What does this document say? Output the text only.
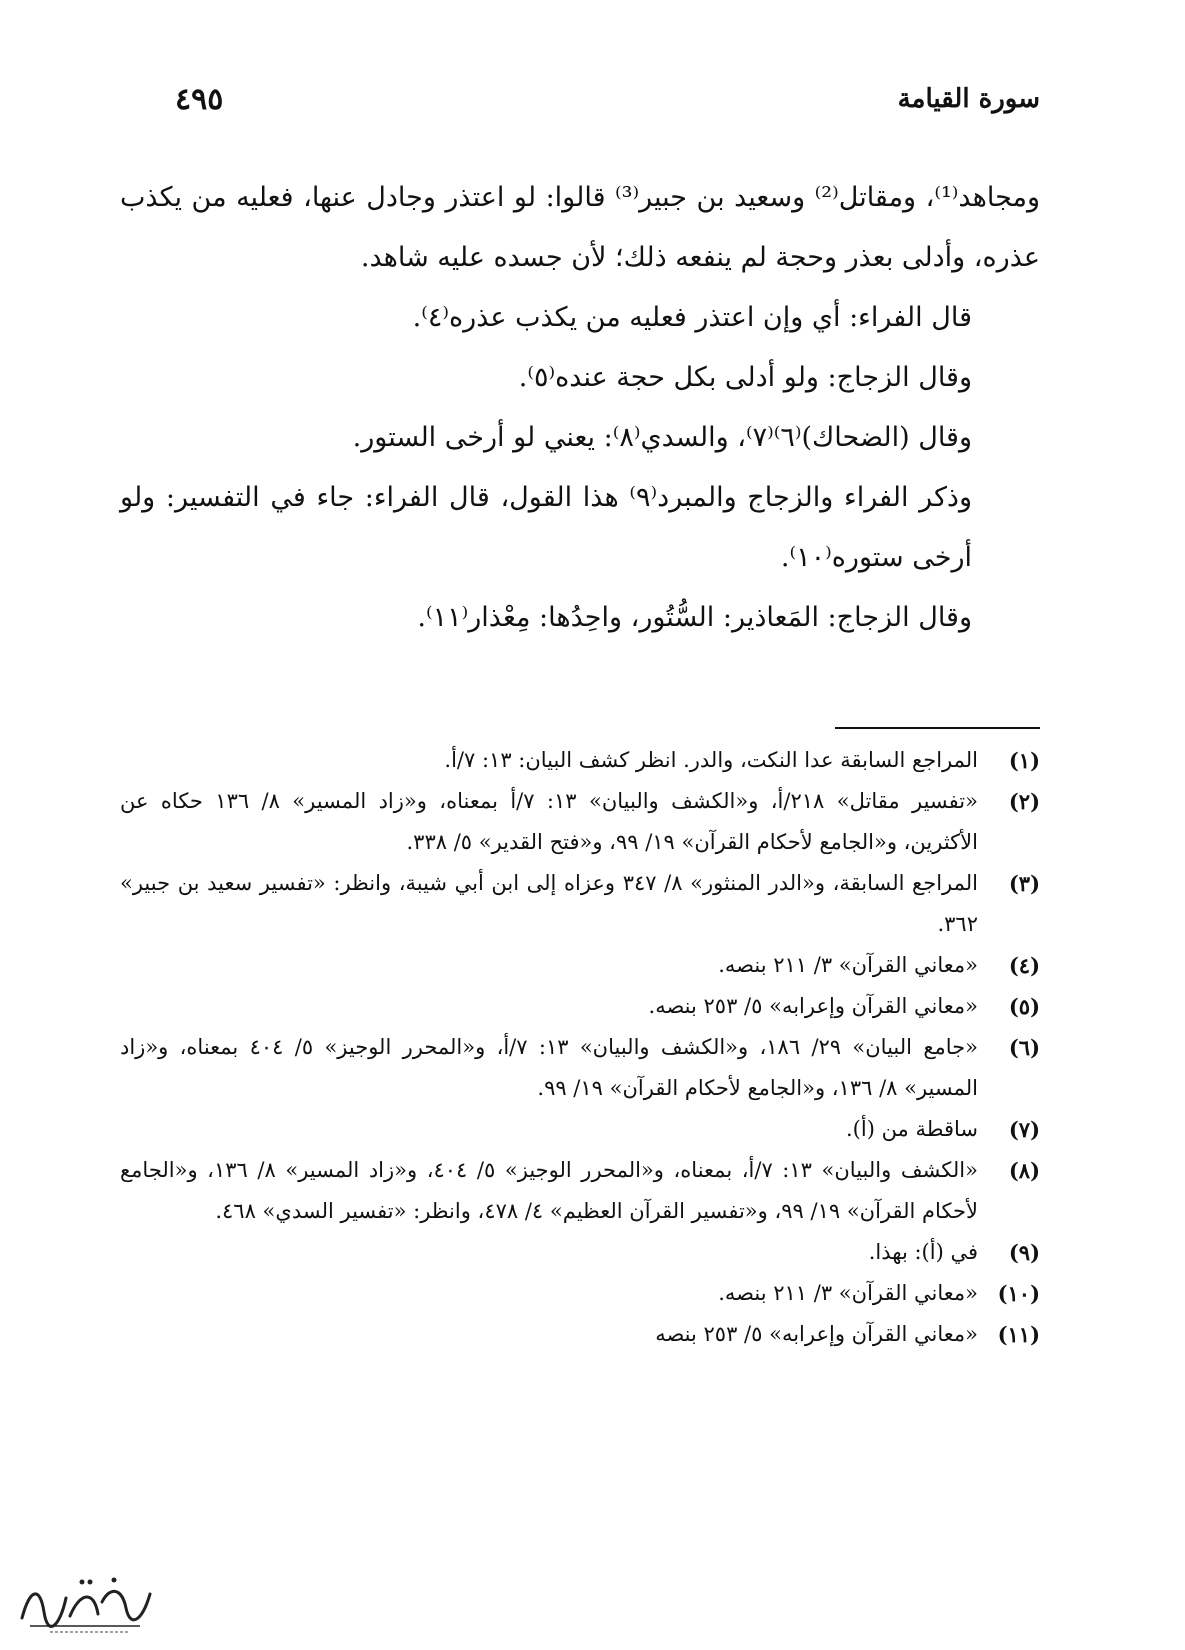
سورة القيامة
٤٩٥

ومجاهد⁽¹⁾، ومقاتل⁽²⁾ وسعيد بن جبير⁽³⁾ قالوا: لو اعتذر وجادل عنها، فعليه من يكذب عذره، وأدلى بعذر وحجة لم ينفعه ذلك؛ لأن جسده عليه شاهد.

قال الفراء: أي وإن اعتذر فعليه من يكذب عذره⁽٤⁾.

وقال الزجاج: ولو أدلى بكل حجة عنده⁽٥⁾.

وقال (الضحاك)⁽٦⁾⁽٧⁾، والسدي⁽٨⁾: يعني لو أرخى الستور.

وذكر الفراء والزجاج والمبرد⁽٩⁾ هذا القول، قال الفراء: جاء في التفسير: ولو أرخى ستوره⁽١٠⁾.

وقال الزجاج: المَعاذير: السُّتُور، واحِدُها: مِعْذار⁽١١⁾.

(١)
المراجع السابقة عدا النكت، والدر. انظر كشف البيان: ١٣: ٧/أ.
(٢)
«تفسير مقاتل» ٢١٨/أ، و«الكشف والبيان» ١٣: ٧/أ بمعناه، و«زاد المسير» ٨/ ١٣٦ حكاه عن الأكثرين، و«الجامع لأحكام القرآن» ١٩/ ٩٩، و«فتح القدير» ٥/ ٣٣٨.
(٣)
المراجع السابقة، و«الدر المنثور» ٨/ ٣٤٧ وعزاه إلى ابن أبي شيبة، وانظر: «تفسير سعيد بن جبير» ٣٦٢.
(٤)
«معاني القرآن» ٣/ ٢١١ بنصه.
(٥)
«معاني القرآن وإعرابه» ٥/ ٢٥٣ بنصه.
(٦)
«جامع البيان» ٢٩/ ١٨٦، و«الكشف والبيان» ١٣: ٧/أ، و«المحرر الوجيز» ٥/ ٤٠٤ بمعناه، و«زاد المسير» ٨/ ١٣٦، و«الجامع لأحكام القرآن» ١٩/ ٩٩.
(٧)
ساقطة من (أ).
(٨)
«الكشف والبيان» ١٣: ٧/أ، بمعناه، و«المحرر الوجيز» ٥/ ٤٠٤، و«زاد المسير» ٨/ ١٣٦، و«الجامع لأحكام القرآن» ١٩/ ٩٩، و«تفسير القرآن العظيم» ٤/ ٤٧٨، وانظر: «تفسير السدي» ٤٦٨.
(٩)
في (أ): بهذا.
(١٠)
«معاني القرآن» ٣/ ٢١١ بنصه.
(١١)
«معاني القرآن وإعرابه» ٥/ ٢٥٣ بنصه
